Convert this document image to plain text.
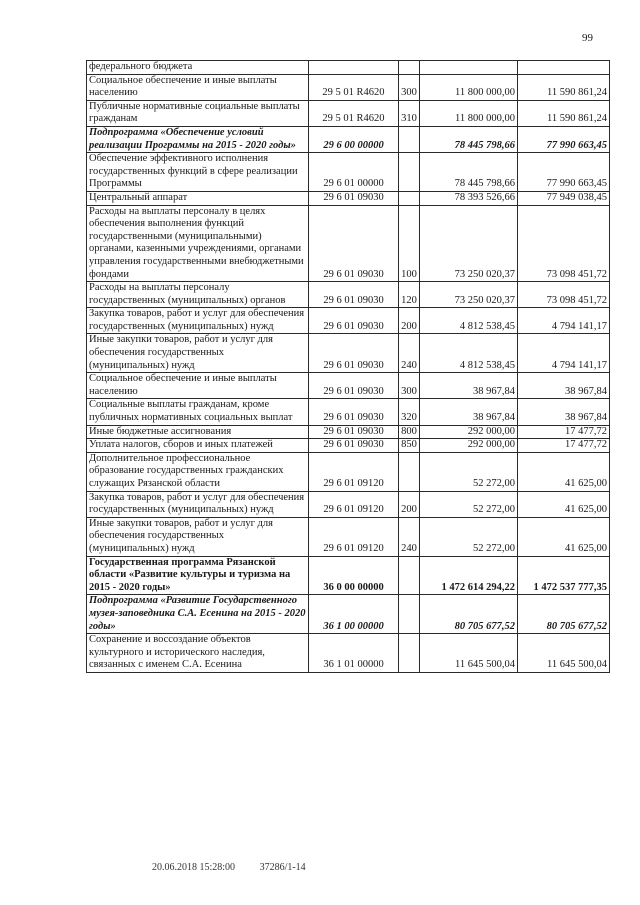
99
федерального бюджета				
Социальное обеспечение и иные выплаты населению	29 5 01 R4620	300	11 800 000,00	11 590 861,24
Публичные нормативные социальные выплаты гражданам	29 5 01 R4620	310	11 800 000,00	11 590 861,24
Подпрограмма «Обеспечение условий реализации Программы на 2015 - 2020 годы»	29 6 00 00000		78 445 798,66	77 990 663,45
Обеспечение эффективного исполнения государственных функций в сфере реализации Программы	29 6 01 00000		78 445 798,66	77 990 663,45
Центральный аппарат	29 6 01 09030		78 393 526,66	77 949 038,45
Расходы на выплаты персоналу в целях обеспечения выполнения функций государственными (муниципальными) органами, казенными учреждениями, органами управления государственными внебюджетными фондами	29 6 01 09030	100	73 250 020,37	73 098 451,72
Расходы на выплаты персоналу государственных (муниципальных) органов	29 6 01 09030	120	73 250 020,37	73 098 451,72
Закупка товаров, работ и услуг для обеспечения государственных (муниципальных) нужд	29 6 01 09030	200	4 812 538,45	4 794 141,17
Иные закупки товаров, работ и услуг для обеспечения государственных (муниципальных) нужд	29 6 01 09030	240	4 812 538,45	4 794 141,17
Социальное обеспечение и иные выплаты населению	29 6 01 09030	300	38 967,84	38 967,84
Социальные выплаты гражданам, кроме публичных нормативных социальных выплат	29 6 01 09030	320	38 967,84	38 967,84
Иные бюджетные ассигнования	29 6 01 09030	800	292 000,00	17 477,72
Уплата налогов, сборов и иных платежей	29 6 01 09030	850	292 000,00	17 477,72
Дополнительное профессиональное образование государственных гражданских служащих Рязанской области	29 6 01 09120		52 272,00	41 625,00
Закупка товаров, работ и услуг для обеспечения государственных (муниципальных) нужд	29 6 01 09120	200	52 272,00	41 625,00
Иные закупки товаров, работ и услуг для обеспечения государственных (муниципальных) нужд	29 6 01 09120	240	52 272,00	41 625,00
Государственная программа Рязанской области «Развитие культуры и туризма на 2015 - 2020 годы»	36 0 00 00000		1 472 614 294,22	1 472 537 777,35
Подпрограмма «Развитие Государственного музея-заповедника С.А. Есенина на 2015 - 2020 годы»	36 1 00 00000		80 705 677,52	80 705 677,52
Сохранение и воссоздание объектов культурного и исторического наследия, связанных с именем С.А. Есенина	36 1 01 00000		11 645 500,04	11 645 500,04
20.06.2018 15:28:00 37286/1-14
